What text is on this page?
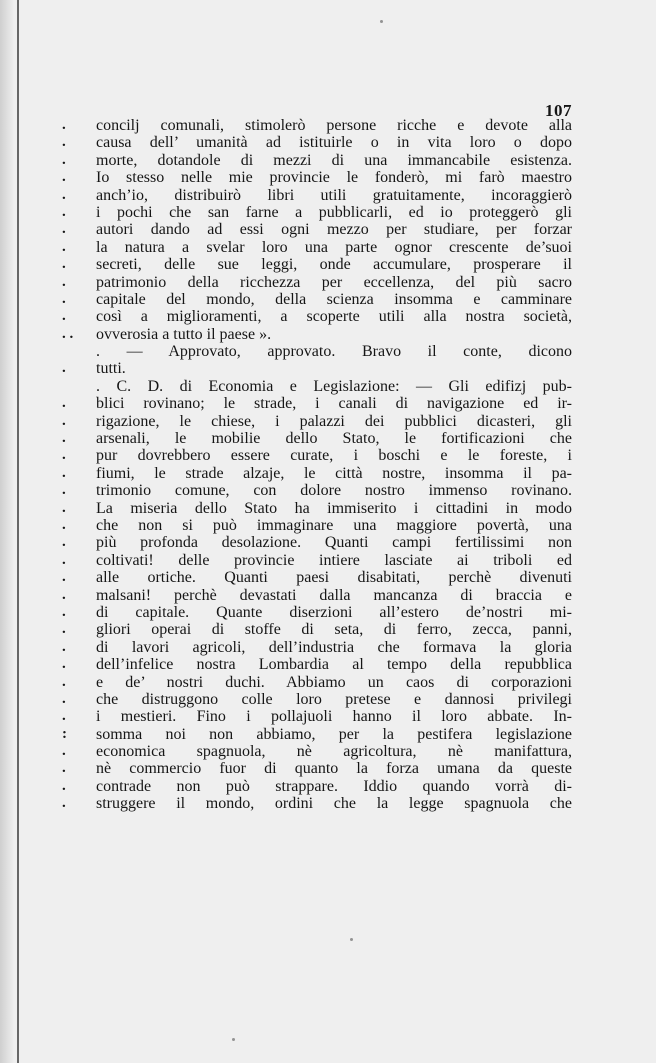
107
.	concilj comunali, stimolerò persone ricche e devote alla
.	causa dell’ umanità ad istituirle o in vita loro o dopo
.	morte, dotandole di mezzi di una immancabile esistenza.
.	Io stesso nelle mie provincie le fonderò, mi farò maestro
.	anch’io, distribuirò libri utili gratuitamente, incoraggierò
.	i pochi che san farne a pubblicarli, ed io proteggerò gli
.	autori dando ad essi ogni mezzo per studiare, per forzar
.	la natura a svelar loro una parte ognor crescente de’suoi
.	secreti, delle sue leggi, onde accumulare, prosperare il
.	patrimonio della ricchezza per eccellenza, del più sacro
.	capitale del mondo, della scienza insomma e camminare
.	così a miglioramenti, a scoperte utili alla nostra società,
. .	ovverosia a tutto il paese ».
. — Approvato, approvato. Bravo il conte, dicono
.	tutti.
. C. D. di Economia e Legislazione: — Gli edifizj pub-
.	blici rovinano; le strade, i canali di navigazione ed ir-
.	rigazione, le chiese, i palazzi dei pubblici dicasteri, gli
.	arsenali, le mobilie dello Stato, le fortificazioni che
.	pur dovrebbero essere curate, i boschi e le foreste, i
.	fiumi, le strade alzaje, le città nostre, insomma il pa-
.	trimonio comune, con dolore nostro immenso rovinano.
.	La miseria dello Stato ha immiserito i cittadini in modo
.	che non si può immaginare una maggiore povertà, una
.	più profonda desolazione. Quanti campi fertilissimi non
.	coltivati! delle provincie intiere lasciate ai triboli ed
.	alle ortiche. Quanti paesi disabitati, perchè divenuti
.	malsani! perchè devastati dalla mancanza di braccia e
.	di capitale. Quante diserzioni all’estero de’nostri mi-
.	gliori operai di stoffe di seta, di ferro, zecca, panni,
.	di lavori agricoli, dell’industria che formava la gloria
.	dell’infelice nostra Lombardia al tempo della repubblica
.	e de’ nostri duchi. Abbiamo un caos di corporazioni
.	che distruggono colle loro pretese e dannosi privilegi
.	i mestieri. Fino i pollajuoli hanno il loro abbate. In-
:	somma noi non abbiamo, per la pestifera legislazione
.	economica spagnuola, nè agricoltura, nè manifattura,
.	nè commercio fuor di quanto la forza umana da queste
.	contrade non può strappare. Iddio quando vorrà di-
.	struggere il mondo, ordini che la legge spagnuola che
